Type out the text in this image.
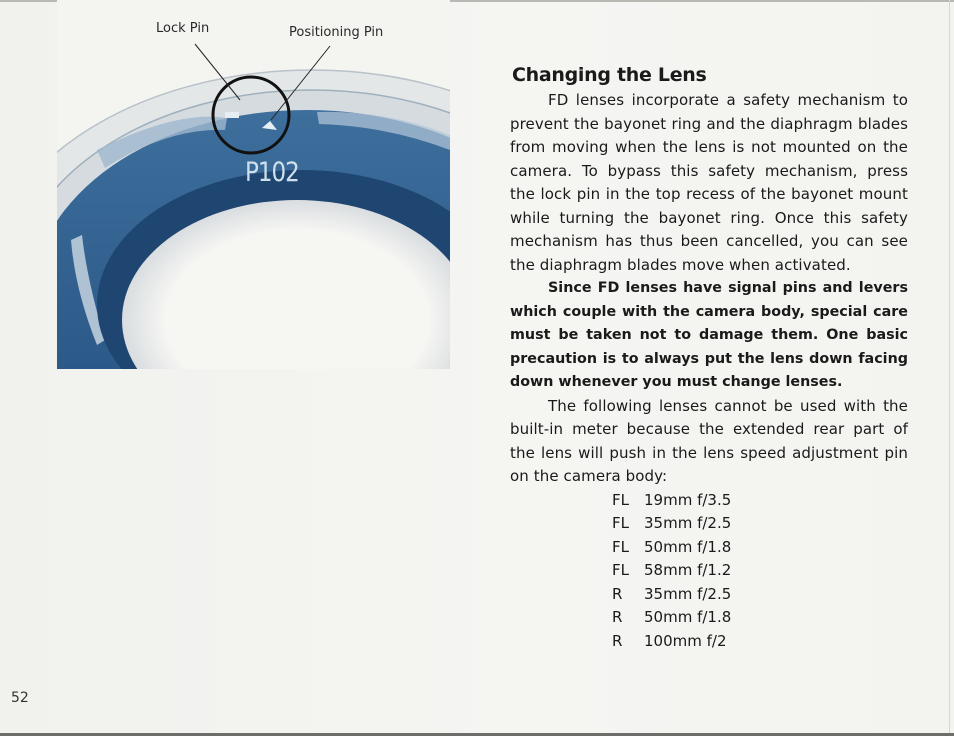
Lock Pin	Positioning Pin
P102
Changing the Lens

FD lenses incorporate a safety mechanism to prevent the bayonet ring and the diaphragm blades from moving when the lens is not mounted on the camera. To bypass this safety mechanism, press the lock pin in the top recess of the bayonet mount while turning the bayonet ring. Once this safety mechanism has thus been cancelled, you can see the diaphragm blades move when activated.

Since FD lenses have signal pins and levers which couple with the camera body, special care must be taken not to damage them. One basic precaution is to always put the lens down facing down whenever you must change lenses.

The following lenses cannot be used with the built-in meter because the extended rear part of the lens will push in the lens speed adjustment pin on the camera body:

FL 19mm f/3.5
FL 35mm f/2.5
FL 50mm f/1.8
FL 58mm f/1.2
R 35mm f/2.5
R 50mm f/1.8
R 100mm f/2
52
